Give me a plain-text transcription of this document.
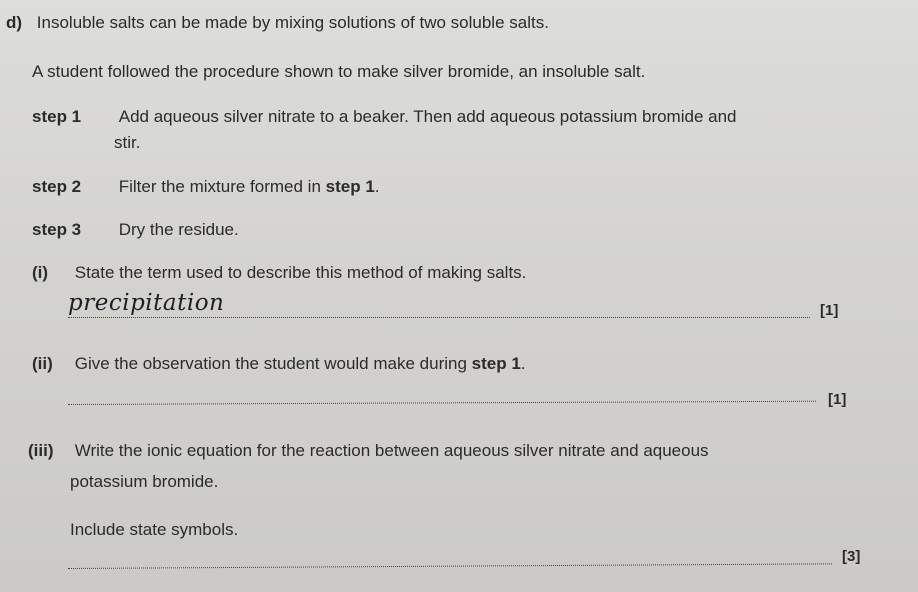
d) Insoluble salts can be made by mixing solutions of two soluble salts.
A student followed the procedure shown to make silver bromide, an insoluble salt.
step 1 Add aqueous silver nitrate to a beaker. Then add aqueous potassium bromide and
stir.
step 2 Filter the mixture formed in step 1.
step 3 Dry the residue.
(i) State the term used to describe this method of making salts.
precipitation	[1]
(ii) Give the observation the student would make during step 1.
[1]
(iii) Write the ionic equation for the reaction between aqueous silver nitrate and aqueous
potassium bromide.
Include state symbols.
[3]
